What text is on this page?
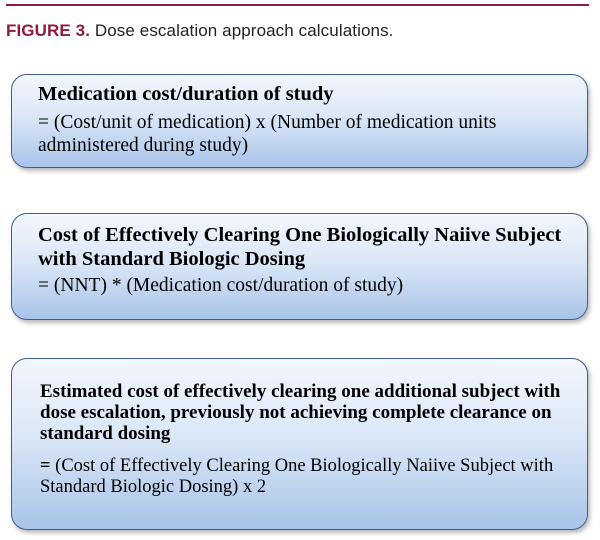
FIGURE 3. Dose escalation approach calculations.
Medication cost/duration of study
= (Cost/unit of medication) x (Number of medication units administered during study)
Cost of Effectively Clearing One Biologically Naiive Subject with Standard Biologic Dosing
= (NNT) * (Medication cost/duration of study)
Estimated cost of effectively clearing one additional subject with dose escalation, previously not achieving complete clearance on standard dosing
= (Cost of Effectively Clearing One Biologically Naiive Subject with Standard Biologic Dosing) x 2
